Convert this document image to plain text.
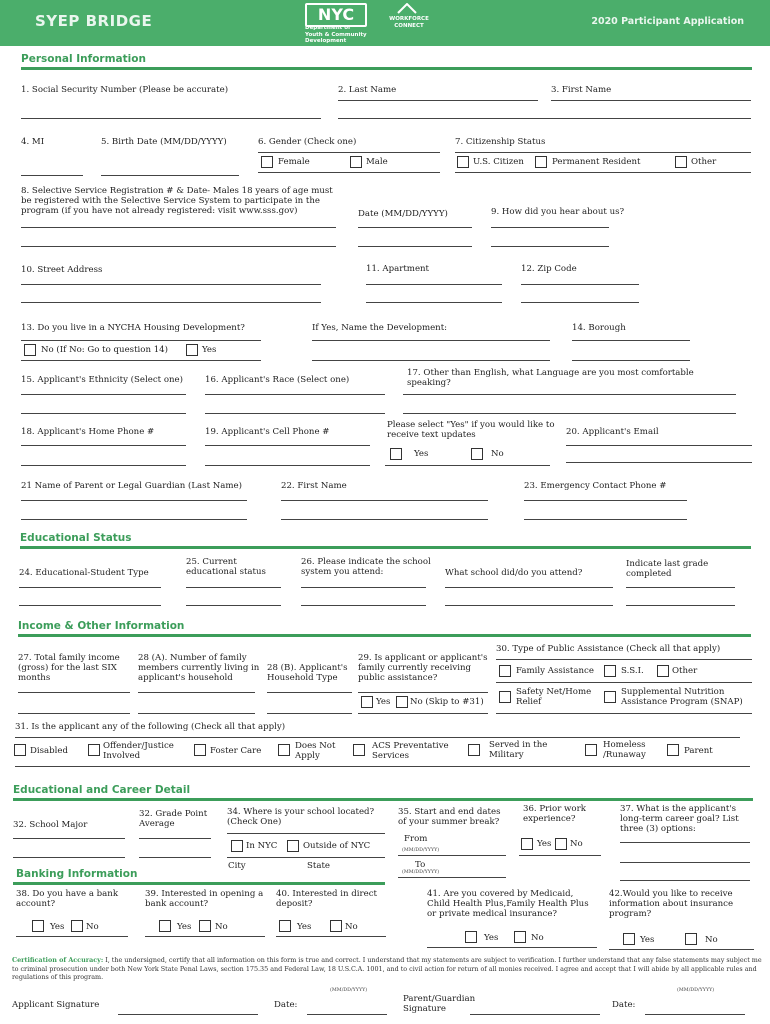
SYEP BRIDGE	NYC
Department of Youth & Community Development
WORKFORCE CONNECT	2020 Participant Application
Personal Information
1. Social Security Number (Please be accurate)	2. Last Name	3. First Name
4. MI	5. Birth Date (MM/DD/YYYY)	6. Gender (Check one)
Female	Male
7. Citizenship Status
U.S. Citizen	Permanent Resident	Other
8. Selective Service Registration # & Date- Males 18 years of age must be registered with the Selective Service System to participate in the program (if you have not already registered: visit www.sss.gov)	Date (MM/DD/YYYY)	9. How did you hear about us?
10. Street Address	11. Apartment	12. Zip Code
13. Do you live in a NYCHA Housing Development?
No (If No: Go to question 14)	Yes
If Yes, Name the Development:	14. Borough
15. Applicant's Ethnicity (Select one)	16. Applicant's Race (Select one)
17. Other than English, what Language are you most comfortable speaking?
18. Applicant's Home Phone #	19. Applicant's Cell Phone #
Please select "Yes" if you would like to receive text updates
Yes	No
20. Applicant's Email
21 Name of Parent or Legal Guardian (Last Name)	22. First Name	23. Emergency Contact Phone #
Educational Status
24. Educational-Student Type
25. Current educational status
26. Please indicate the school system you attend:	What school did/do you attend?
Indicate last grade completed
Income & Other Information
27. Total family income (gross) for the last SIX months
28 (A). Number of family members currently living in applicant's household
28 (B). Applicant's Household Type
29. Is applicant or applicant's family currently receiving public assistance?
Yes No (Skip to #31)
30. Type of Public Assistance (Check all that apply)
Family Assistance	S.S.I.	Other
Safety Net/Home Relief
Supplemental Nutrition Assistance Program (SNAP)
31. Is the applicant any of the following (Check all that apply)
Disabled	Offender/Justice Involved	Foster Care	Does Not Apply
ACS Preventative Services
Served in the Military
Homeless /Runaway	Parent
Educational and Career Detail
32. School Major
32. Grade Point Average
34. Where is your school located? (Check One)
In NYC	Outside of NYC
City	State
35. Start and end dates of your summer break?
From
(MM/DD/YYYY)
To
(MM/DD/YYYY)
36. Prior work experience?
Yes No
37. What is the applicant's long-term career goal? List three (3) options:
Banking Information
38. Do you have a bank account?
Yes	No
39. Interested in opening a bank account?
Yes	No
40. Interested in direct deposit?
Yes	No
41. Are you covered by Medicaid, Child Health Plus,Family Health Plus or private medical insurance?
Yes	No
42.Would you like to receive information about insurance program?
Yes	No
Certification of Accuracy: I, the undersigned, certify that all information on this form is true and correct. I understand that my statements are subject to verification. I further understand that any false statements may subject me to criminal prosecution under both New York State Penal Laws, section 175.35 and Federal Law, 18 U.S.C.A. 1001, and to civil action for return of all monies received. I agree and accept that I will abide by all applicable rules and regulations of this program.
(MM/DD/YYYY)	(MM/DD/YYYY)
Applicant Signature	Date:
Parent/Guardian Signature	Date:
